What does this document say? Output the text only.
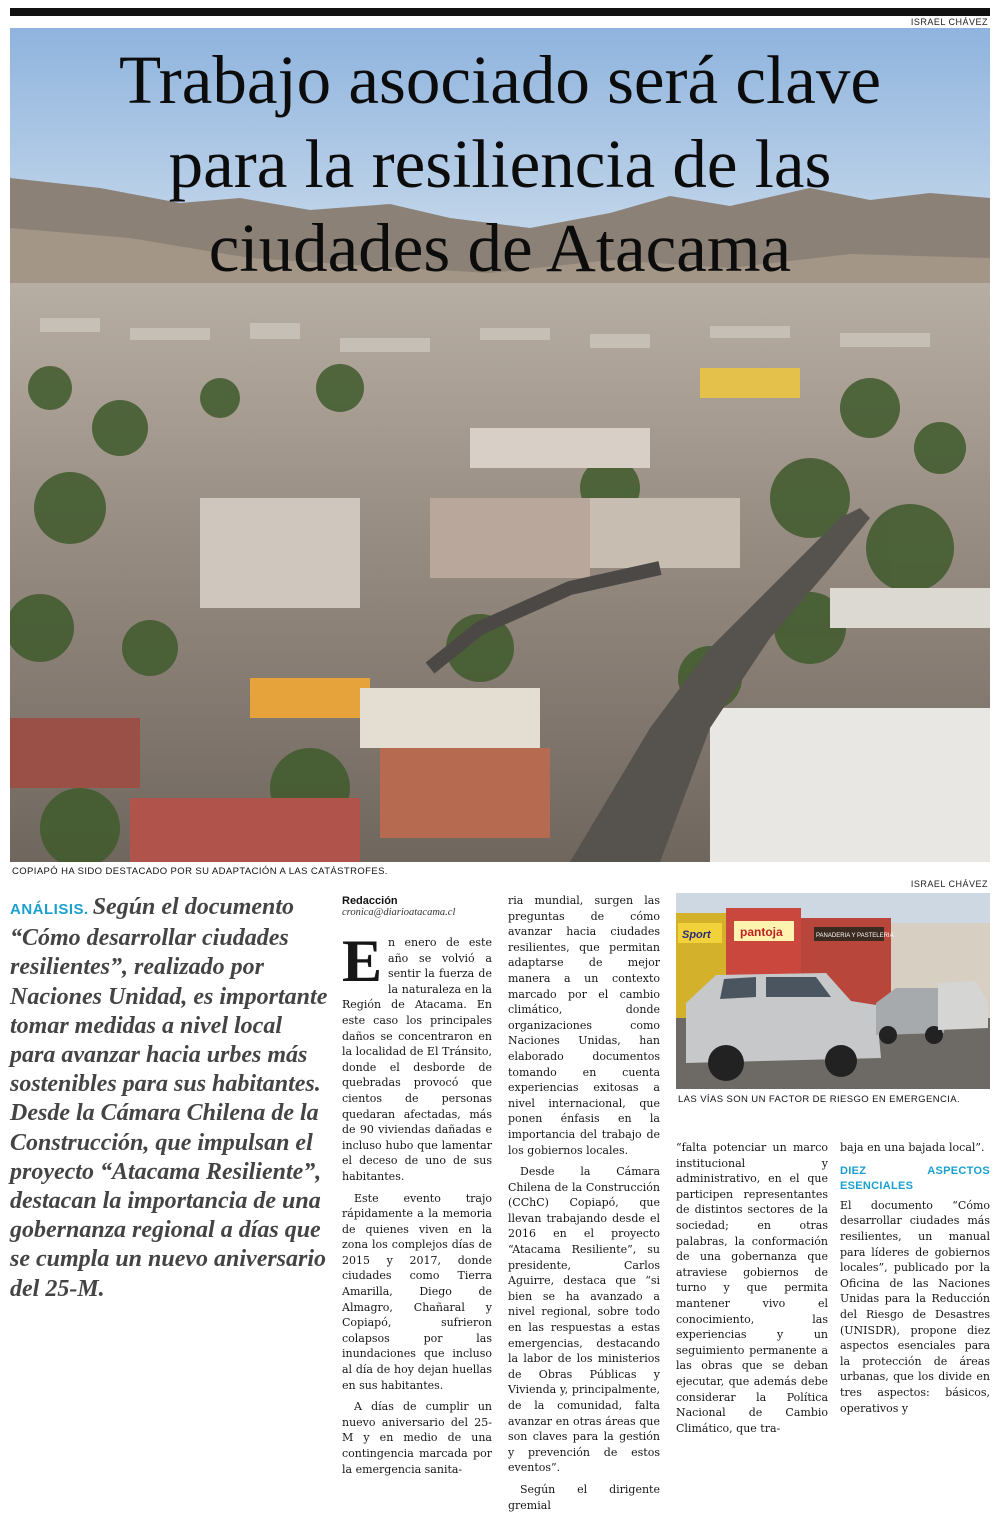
ISRAEL CHÁVEZ
Trabajo asociado será clave
para la resiliencia de las
ciudades de Atacama
COPIAPÓ HA SIDO DESTACADO POR SU ADAPTACIÓN A LAS CATÁSTROFES.
ANÁLISIS. Según el documento “Cómo desarrollar ciudades resilientes”, realizado por Naciones Unidad, es importante tomar medidas a nivel local para avanzar hacia urbes más sostenibles para sus habitantes. Desde la Cámara Chilena de la Construcción, que impulsan el proyecto “Atacama Resiliente”, destacan la importancia de una gobernanza regional a días que se cumpla un nuevo aniversario del 25-M.
Redacción
cronica@diarioatacama.cl

En enero de este año se volvió a sentir la fuerza de la naturaleza en la Región de Atacama. En este caso los principales daños se concentraron en la localidad de El Tránsito, donde el desborde de quebradas provocó que cientos de personas quedaran afectadas, más de 90 viviendas dañadas e incluso hubo que lamentar el deceso de uno de sus habitantes.

Este evento trajo rápidamente a la memoria de quienes viven en la zona los complejos días de 2015 y 2017, donde ciudades como Tierra Amarilla, Diego de Almagro, Chañaral y Copiapó, sufrieron colapsos por las inundaciones que incluso al día de hoy dejan huellas en sus habitantes.

A días de cumplir un nuevo aniversario del 25-M y en medio de una contingencia marcada por la emergencia sanita-

ria mundial, surgen las preguntas de cómo avanzar hacia ciudades resilientes, que permitan adaptarse de mejor manera a un contexto marcado por el cambio climático, donde organizaciones como Naciones Unidas, han elaborado documentos tomando en cuenta experiencias exitosas a nivel internacional, que ponen énfasis en la importancia del trabajo de los gobiernos locales.

Desde la Cámara Chilena de la Construcción (CChC) Copiapó, que llevan trabajando desde el 2016 en el proyecto “Atacama Resiliente”, su presidente, Carlos Aguirre, destaca que “si bien se ha avanzado a nivel regional, sobre todo en las respuestas a estas emergencias, destacando la labor de los ministerios de Obras Públicas y Vivienda y, principalmente, de la comunidad, falta avanzar en otras áreas que son claves para la gestión y prevención de estos eventos”.

Según el dirigente gremial

ISRAEL CHÁVEZ
Sport pantoja	PANADERIA Y PASTELERIA
LAS VÍAS SON UN FACTOR DE RIESGO EN EMERGENCIA.

“falta potenciar un marco institucional y administrativo, en el que participen representantes de distintos sectores de la sociedad; en otras palabras, la conformación de una gobernanza que atraviese gobiernos de turno y que permita mantener vivo el conocimiento, las experiencias y un seguimiento permanente a las obras que se deban ejecutar, que además debe considerar la Política Nacional de Cambio Climático, que tra-

baja en una bajada local”.

DIEZ ASPECTOS ESENCIALES

El documento “Cómo desarrollar ciudades más resilientes, un manual para líderes de gobiernos locales”, publicado por la Oficina de las Naciones Unidas para la Reducción del Riesgo de Desastres (UNISDR), propone diez aspectos esenciales para la protección de áreas urbanas, que los divide en tres aspectos: básicos, operativos y
